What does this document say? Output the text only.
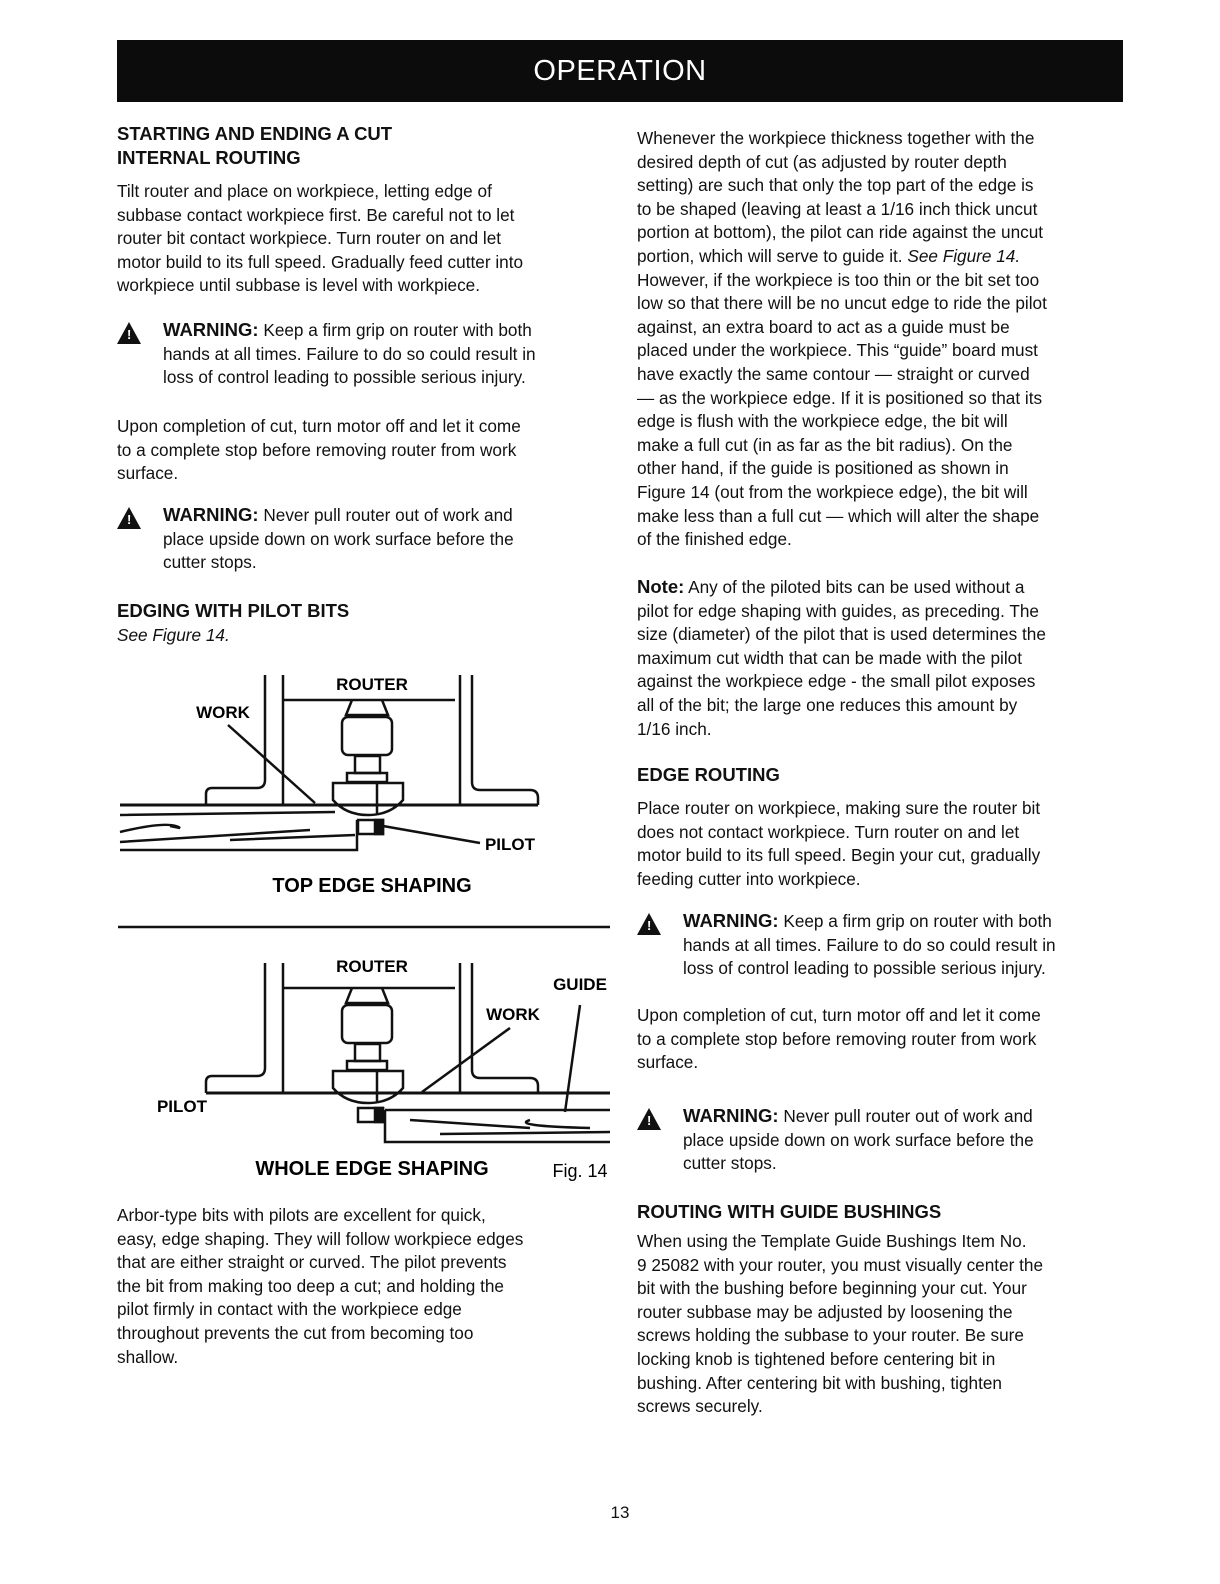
OPERATION
STARTING AND ENDING A CUT
INTERNAL ROUTING
Tilt router and place on workpiece, letting edge of
subbase contact workpiece first. Be careful not to let
router bit contact workpiece. Turn router on and let
motor build to its full speed. Gradually feed cutter into
workpiece until subbase is level with workpiece.
! WARNING: Keep a firm grip on router with both
hands at all times. Failure to do so could result in
loss of control leading to possible serious injury.
Upon completion of cut, turn motor off and let it come
to a complete stop before removing router from work
surface.
! WARNING: Never pull router out of work and
place upside down on work surface before the
cutter stops.
EDGING WITH PILOT BITS
See Figure 14.
ROUTER
WORK
PILOT
TOP EDGE SHAPING
ROUTER
WORK
GUIDE
PILOT
WHOLE EDGE SHAPING	Fig. 14
Arbor-type bits with pilots are excellent for quick,
easy, edge shaping. They will follow workpiece edges
that are either straight or curved. The pilot prevents
the bit from making too deep a cut; and holding the
pilot firmly in contact with the workpiece edge
throughout prevents the cut from becoming too
shallow.
Whenever the workpiece thickness together with the
desired depth of cut (as adjusted by router depth
setting) are such that only the top part of the edge is
to be shaped (leaving at least a 1/16 inch thick uncut
portion at bottom), the pilot can ride against the uncut
portion, which will serve to guide it. See Figure 14.
However, if the workpiece is too thin or the bit set too
low so that there will be no uncut edge to ride the pilot
against, an extra board to act as a guide must be
placed under the workpiece. This “guide” board must
have exactly the same contour — straight or curved
— as the workpiece edge. If it is positioned so that its
edge is flush with the workpiece edge, the bit will
make a full cut (in as far as the bit radius). On the
other hand, if the guide is positioned as shown in
Figure 14 (out from the workpiece edge), the bit will
make less than a full cut — which will alter the shape
of the finished edge.
Note: Any of the piloted bits can be used without a
pilot for edge shaping with guides, as preceding. The
size (diameter) of the pilot that is used determines the
maximum cut width that can be made with the pilot
against the workpiece edge - the small pilot exposes
all of the bit; the large one reduces this amount by
1/16 inch.
EDGE ROUTING
Place router on workpiece, making sure the router bit
does not contact workpiece. Turn router on and let
motor build to its full speed. Begin your cut, gradually
feeding cutter into workpiece.
! WARNING: Keep a firm grip on router with both
hands at all times. Failure to do so could result in
loss of control leading to possible serious injury.
Upon completion of cut, turn motor off and let it come
to a complete stop before removing router from work
surface.
! WARNING: Never pull router out of work and
place upside down on work surface before the
cutter stops.
ROUTING WITH GUIDE BUSHINGS
When using the Template Guide Bushings Item No.
9 25082 with your router, you must visually center the
bit with the bushing before beginning your cut. Your
router subbase may be adjusted by loosening the
screws holding the subbase to your router. Be sure
locking knob is tightened before centering bit in
bushing. After centering bit with bushing, tighten
screws securely.
13
